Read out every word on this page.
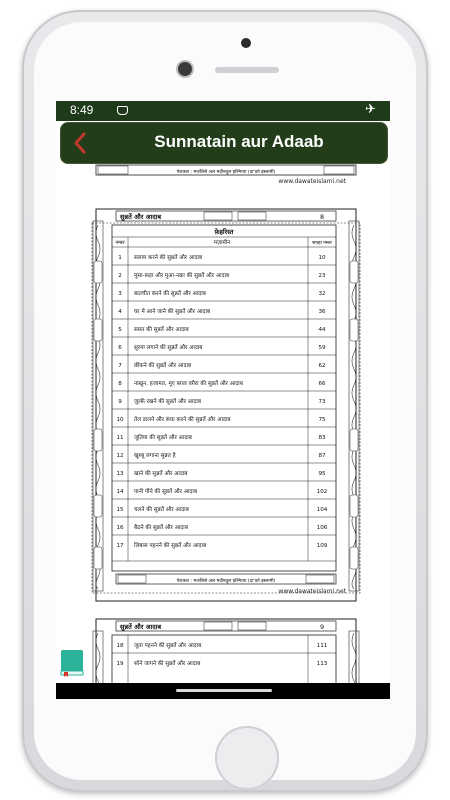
8:49	✈
Sunnatain aur Adaab
पेशकश : मजलिसे अल मदीनतुल इल्मिय्या (दा'वते इस्लामी)
www.dawateislami.net
सुन्नतें और आदाब	8
फ़ेहरिस्त
नम्बर	मज़ामीन	सफ़्हा नम्बर
1 सलाम करने की सुन्नतें और आदाब	10
2 मुसा-फ़हा और मुआ-नक़ा की सुन्नतें और आदाब	23
3 बातचीत करने की सुन्नतें और आदाब	32
4 घर में आने जाने की सुन्नतें और आदाब	36
5 सफ़र की सुन्नतें और आदाब	44
6 सुरमा लगाने की सुन्नतें और आदाब	59
7 छींकने की सुन्नतें और आदाब	62
8 नाखुन, हजामत, मूए बग़ल वग़ैरा की सुन्नतें और आदाब	66
9 ज़ुल्फ़ें रखने की सुन्नतें और आदाब	73
10 तेल डालने और कंघा करने की सुन्नतें और आदाब	75
11 जूतिया की सुन्नतें और आदाब	83
12 खुश्बू लगाना सुन्नत है	87
13 खाने की सुन्नतें और आदाब	95
14 पानी पीने की सुन्नतें और आदाब	102
15 चलने की सुन्नतें और आदाब	104
16 बैठने की सुन्नतें और आदाब	106
17 लिबास पहनने की सुन्नतें और आदाब	109
पेशकश : मजलिसे अल मदीनतुल इल्मिय्या (दा'वते इस्लामी)
www.dawateislami.net
सुन्नतें और आदाब	9
18 जूता पहनने की सुन्नतें और आदाब	111
19 सोने जागने की सुन्नतें और आदाब	113
